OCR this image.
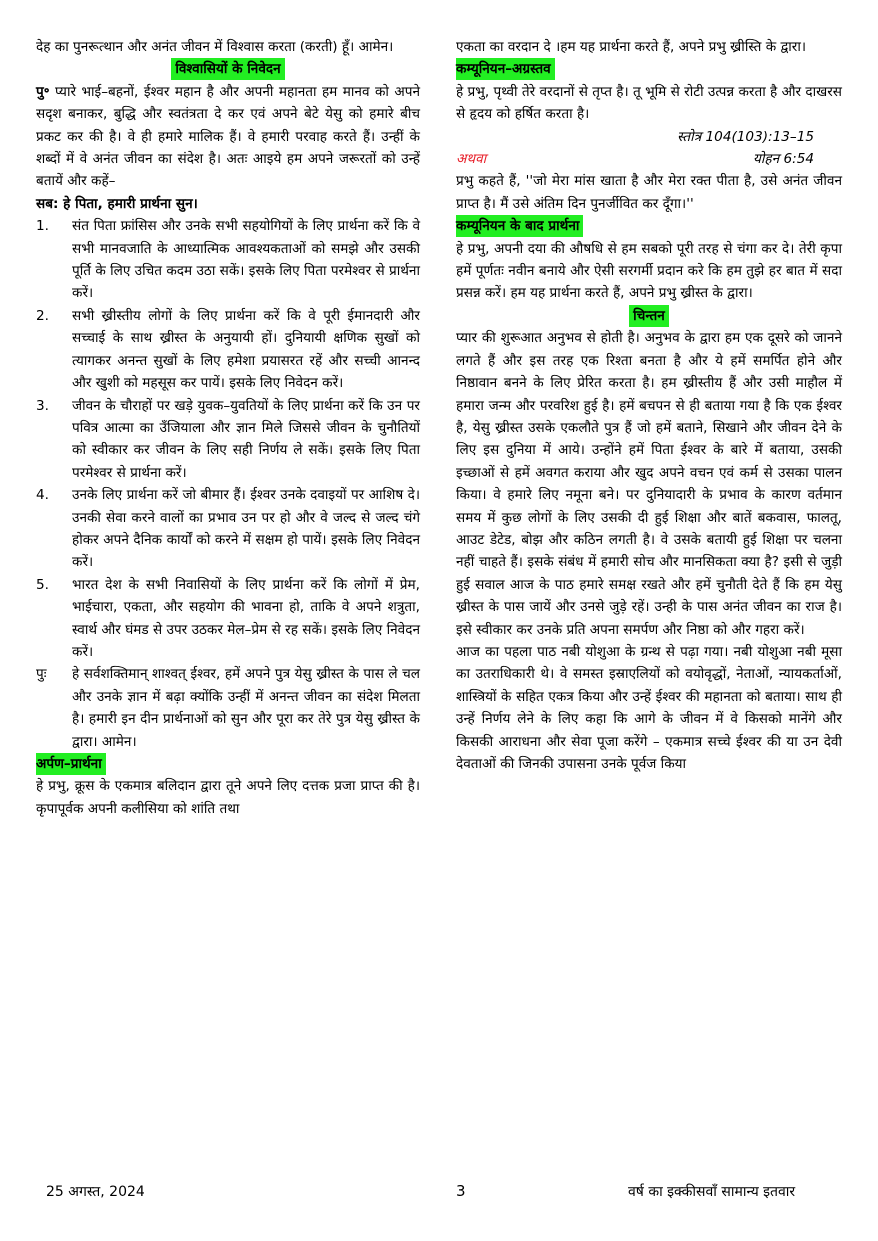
देह का पुनरूत्थान और अनंत जीवन में विश्वास करता (करती) हूँ। आमेन।

विश्वासियों के निवेदन

पु॰ प्यारे भाई–बहनों, ईश्वर महान है और अपनी महानता हम मानव को अपने सदृश बनाकर, बुद्धि और स्वतंत्रता दे कर एवं अपने बेटे येसु को हमारे बीच प्रकट कर की है। वे ही हमारे मालिक हैं। वे हमारी परवाह करते हैं। उन्हीं के शब्दों में वे अनंत जीवन का संदेश है। अतः आइये हम अपने जरूरतों को उन्हें बतायें और कहें–

सब: हे पिता, हमारी प्रार्थना सुन।

1. संत पिता फ्रांसिस और उनके सभी सहयोगियों के लिए प्रार्थना करें कि वे सभी मानवजाति के आध्यात्मिक आवश्यकताओं को समझे और उसकी पूर्ति के लिए उचित कदम उठा सकें। इसके लिए पिता परमेश्वर से प्रार्थना करें।
2. सभी ख्रीस्तीय लोगों के लिए प्रार्थना करें कि वे पूरी ईमानदारी और सच्चाई के साथ ख्रीस्त के अनुयायी हों। दुनियायी क्षणिक सुखों को त्यागकर अनन्त सुखों के लिए हमेशा प्रयासरत रहें और सच्ची आनन्द और खुशी को महसूस कर पायें। इसके लिए निवेदन करें।
3. जीवन के चौराहों पर खड़े युवक–युवतियों के लिए प्रार्थना करें कि उन पर पवित्र आत्मा का उँजियाला और ज्ञान मिले जिससे जीवन के चुनौतियों को स्वीकार कर जीवन के लिए सही निर्णय ले सकें। इसके लिए पिता परमेश्वर से प्रार्थना करें।
4. उनके लिए प्रार्थना करें जो बीमार हैं। ईश्वर उनके दवाइयों पर आशिष दे। उनकी सेवा करने वालों का प्रभाव उन पर हो और वे जल्द से जल्द चंगे होकर अपने दैनिक कार्यों को करने में सक्षम हो पायें। इसके लिए निवेदन करें।
5. भारत देश के सभी निवासियों के लिए प्रार्थना करें कि लोगों में प्रेम, भाईचारा, एकता, और सहयोग की भावना हो, ताकि वे अपने शत्रुता, स्वार्थ और घंमड से उपर उठकर मेल–प्रेम से रह सकें। इसके लिए निवेदन करें।
पुः हे सर्वशक्तिमान् शाश्वत् ईश्वर, हमें अपने पुत्र येसु ख्रीस्त के पास ले चल और उनके ज्ञान में बढ़ा क्योंकि उन्हीं में अनन्त जीवन का संदेश मिलता है। हमारी इन दीन प्रार्थनाओं को सुन और पूरा कर तेरे पुत्र येसु ख्रीस्त के द्वारा। आमेन।
अर्पण–प्रार्थना

हे प्रभु, क्रूस के एकमात्र बलिदान द्वारा तूने अपने लिए दत्तक प्रजा प्राप्त की है। कृपापूर्वक अपनी कलीसिया को शांति तथा

एकता का वरदान दे ।हम यह प्रार्थना करते हैं, अपने प्रभु ख्रीस्ति के द्वारा।

कम्यूनियन–अग्रस्तव

हे प्रभु, पृथ्वी तेरे वरदानों से तृप्त है। तू भूमि से रोटी उत्पन्न करता है और दाखरस से हृदय को हर्षित करता है।

स्तोत्र 104(103):13–15
अथवा	योहन 6:54

प्रभु कहते हैं, ''जो मेरा मांस खाता है और मेरा रक्त पीता है, उसे अनंत जीवन प्राप्त है। मैं उसे अंतिम दिन पुनर्जीवित कर दूँगा।''

कम्यूनियन के बाद प्रार्थना

हे प्रभु, अपनी दया की औषधि से हम सबको पूरी तरह से चंगा कर दे। तेरी कृपा हमें पूर्णतः नवीन बनाये और ऐसी सरगर्मी प्रदान करे कि हम तुझे हर बात में सदा प्रसन्न करें। हम यह प्रार्थना करते हैं, अपने प्रभु ख्रीस्त के द्वारा।

चिन्तन

प्यार की शुरूआत अनुभव से होती है। अनुभव के द्वारा हम एक दूसरे को जानने लगते हैं और इस तरह एक रिश्ता बनता है और ये हमें समर्पित होने और निष्ठावान बनने के लिए प्रेरित करता है। हम ख्रीस्तीय हैं और उसी माहौल में हमारा जन्म और परवरिश हुई है। हमें बचपन से ही बताया गया है कि एक ईश्वर है, येसु ख्रीस्त उसके एकलौते पुत्र हैं जो हमें बताने, सिखाने और जीवन देने के लिए इस दुनिया में आये। उन्होंने हमें पिता ईश्वर के बारे में बताया, उसकी इच्छाओं से हमें अवगत कराया और खुद अपने वचन एवं कर्म से उसका पालन किया। वे हमारे लिए नमूना बने। पर दुनियादारी के प्रभाव के कारण वर्तमान समय में कुछ लोगों के लिए उसकी दी हुई शिक्षा और बातें बकवास, फालतू, आउट डेटेड, बोझ और कठिन लगती है। वे उसके बतायी हुई शिक्षा पर चलना नहीं चाहते हैं। इसके संबंध में हमारी सोच और मानसिकता क्या है? इसी से जुड़ी हुई सवाल आज के पाठ हमारे समक्ष रखते और हमें चुनौती देते हैं कि हम येसु ख्रीस्त के पास जायें और उनसे जुड़े रहें। उन्ही के पास अनंत जीवन का राज है। इसे स्वीकार कर उनके प्रति अपना समर्पण और निष्ठा को और गहरा करें।

आज का पहला पाठ नबी योशुआ के ग्रन्थ से पढ़ा गया। नबी योशुआ नबी मूसा का उतराधिकारी थे। वे समस्त इस्राएलियों को वयोवृद्धों, नेताओं, न्यायकर्ताओं, शास्त्रियों के सहित एकत्र किया और उन्हें ईश्वर की महानता को बताया। साथ ही उन्हें निर्णय लेने के लिए कहा कि आगे के जीवन में वे किसको मानेंगे और किसकी आराधना और सेवा पूजा करेंगे – एकमात्र सच्चे ईश्वर की या उन देवी देवताओं की जिनकी उपासना उनके पूर्वज किया

25 अगस्त, 2024	3	वर्ष का इक्कीसवाँ सामान्य इतवार
